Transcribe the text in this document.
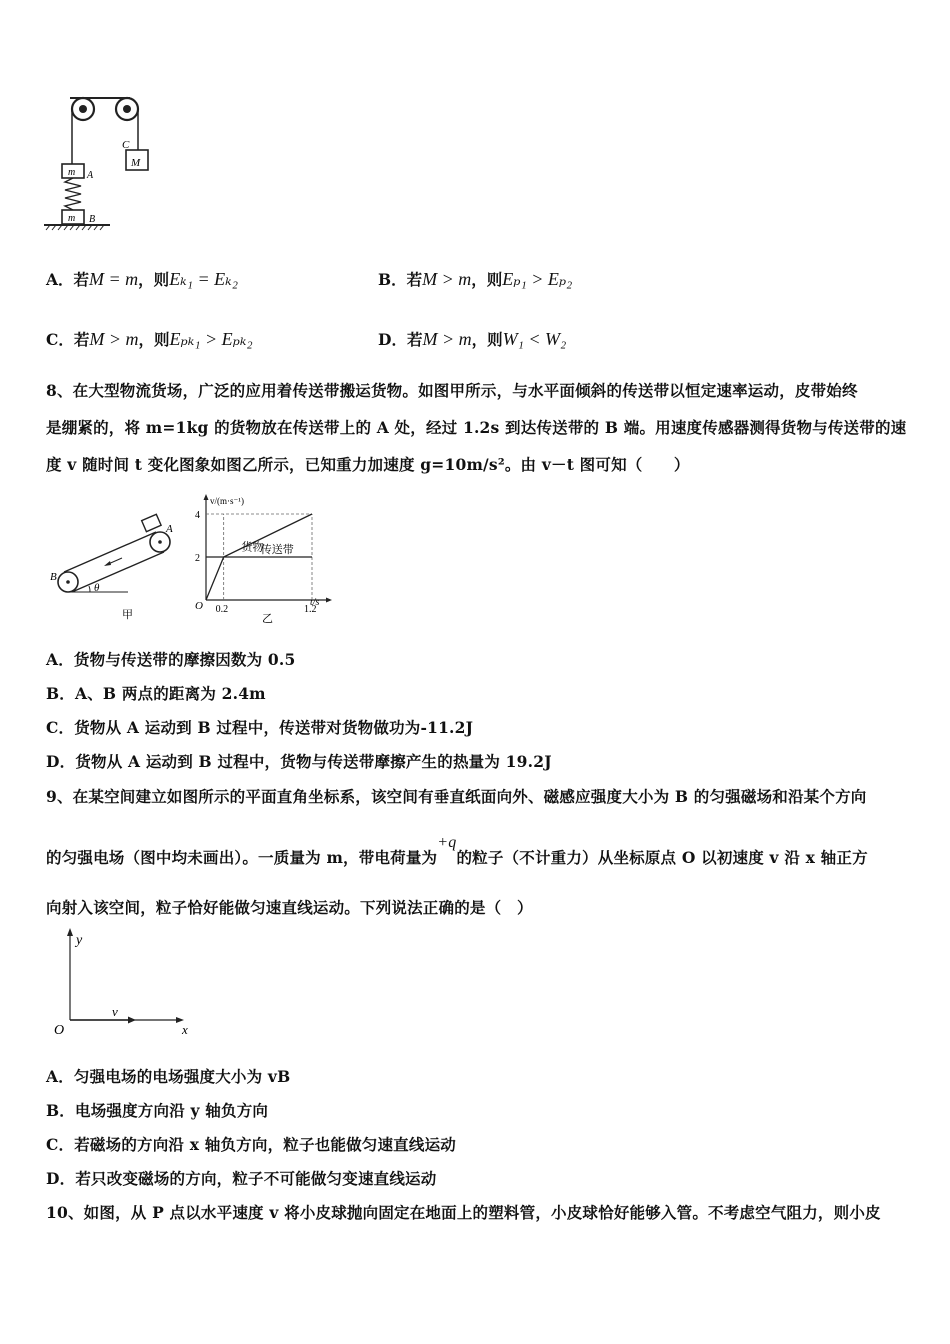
M
C
m A
m B
A．若M = m，则Eₖ₁ = Eₖ₂	B．若M > m，则Eₚ₁ > Eₚ₂
C．若M > m，则Eₚₖ₁ > Eₚₖ₂	D．若M > m，则W₁ < W₂
8、在大型物流货场，广泛的应用着传送带搬运货物。如图甲所示，与水平面倾斜的传送带以恒定速率运动，皮带始终
是绷紧的，将 m=1kg 的货物放在传送带上的 A 处，经过 1.2s 到达传送带的 B 端。用速度传感器测得货物与传送带的速
度 v 随时间 t 变化图象如图乙所示，已知重力加速度 g=10m/s²。由 v－t 图可知（　　）
θ
A
B
甲
v/(m·s⁻¹)
t/s
O
2
4
0.2	1.2
货物
传送带
乙
A．货物与传送带的摩擦因数为 0.5
B．A、B 两点的距离为 2.4m
C．货物从 A 运动到 B 过程中，传送带对货物做功为-11.2J
D．货物从 A 运动到 B 过程中，货物与传送带摩擦产生的热量为 19.2J
9、在某空间建立如图所示的平面直角坐标系，该空间有垂直纸面向外、磁感应强度大小为 B 的匀强磁场和沿某个方向
的匀强电场（图中均未画出）。一质量为 m，带电荷量为+q的粒子（不计重力）从坐标原点 O 以初速度 v 沿 x 轴正方
向射入该空间，粒子恰好能做匀速直线运动。下列说法正确的是（　）
y
x
O
v
A．匀强电场的电场强度大小为 vB
B．电场强度方向沿 y 轴负方向
C．若磁场的方向沿 x 轴负方向，粒子也能做匀速直线运动
D．若只改变磁场的方向，粒子不可能做匀变速直线运动
10、如图，从 P 点以水平速度 v 将小皮球抛向固定在地面上的塑料管，小皮球恰好能够入管。不考虑空气阻力，则小皮
